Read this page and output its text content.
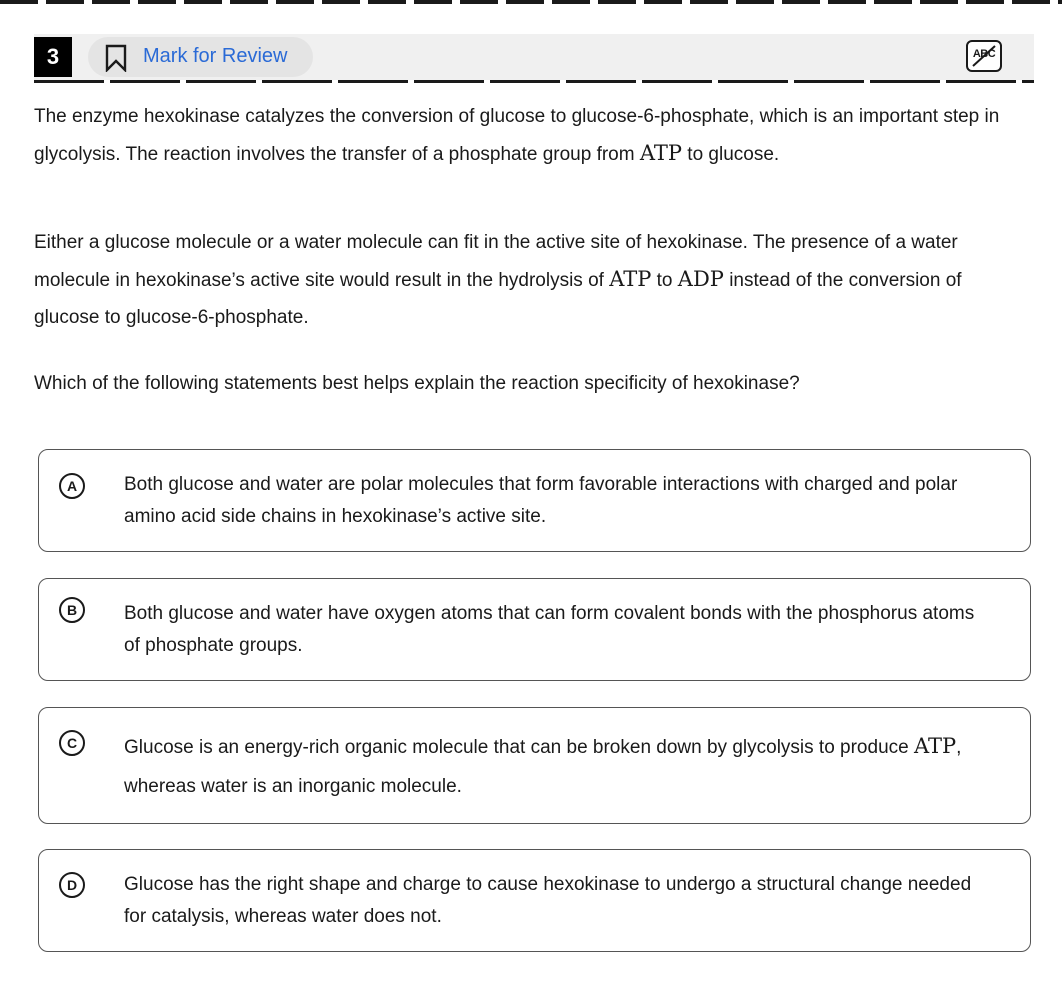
3	Mark for Review	ABC

The enzyme hexokinase catalyzes the conversion of glucose to glucose-6-phosphate, which is an important step in glycolysis. The reaction involves the transfer of a phosphate group from ATP to glucose.

Either a glucose molecule or a water molecule can fit in the active site of hexokinase. The presence of a water molecule in hexokinase’s active site would result in the hydrolysis of ATP to ADP instead of the conversion of glucose to glucose-6-phosphate.

Which of the following statements best helps explain the reaction specificity of hexokinase?

A	Both glucose and water are polar molecules that form favorable interactions with charged and polar amino acid side chains in hexokinase’s active site.

B	Both glucose and water have oxygen atoms that can form covalent bonds with the phosphorus atoms of phosphate groups.

C	Glucose is an energy-rich organic molecule that can be broken down by glycolysis to produce ATP, whereas water is an inorganic molecule.

D	Glucose has the right shape and charge to cause hexokinase to undergo a structural change needed for catalysis, whereas water does not.
